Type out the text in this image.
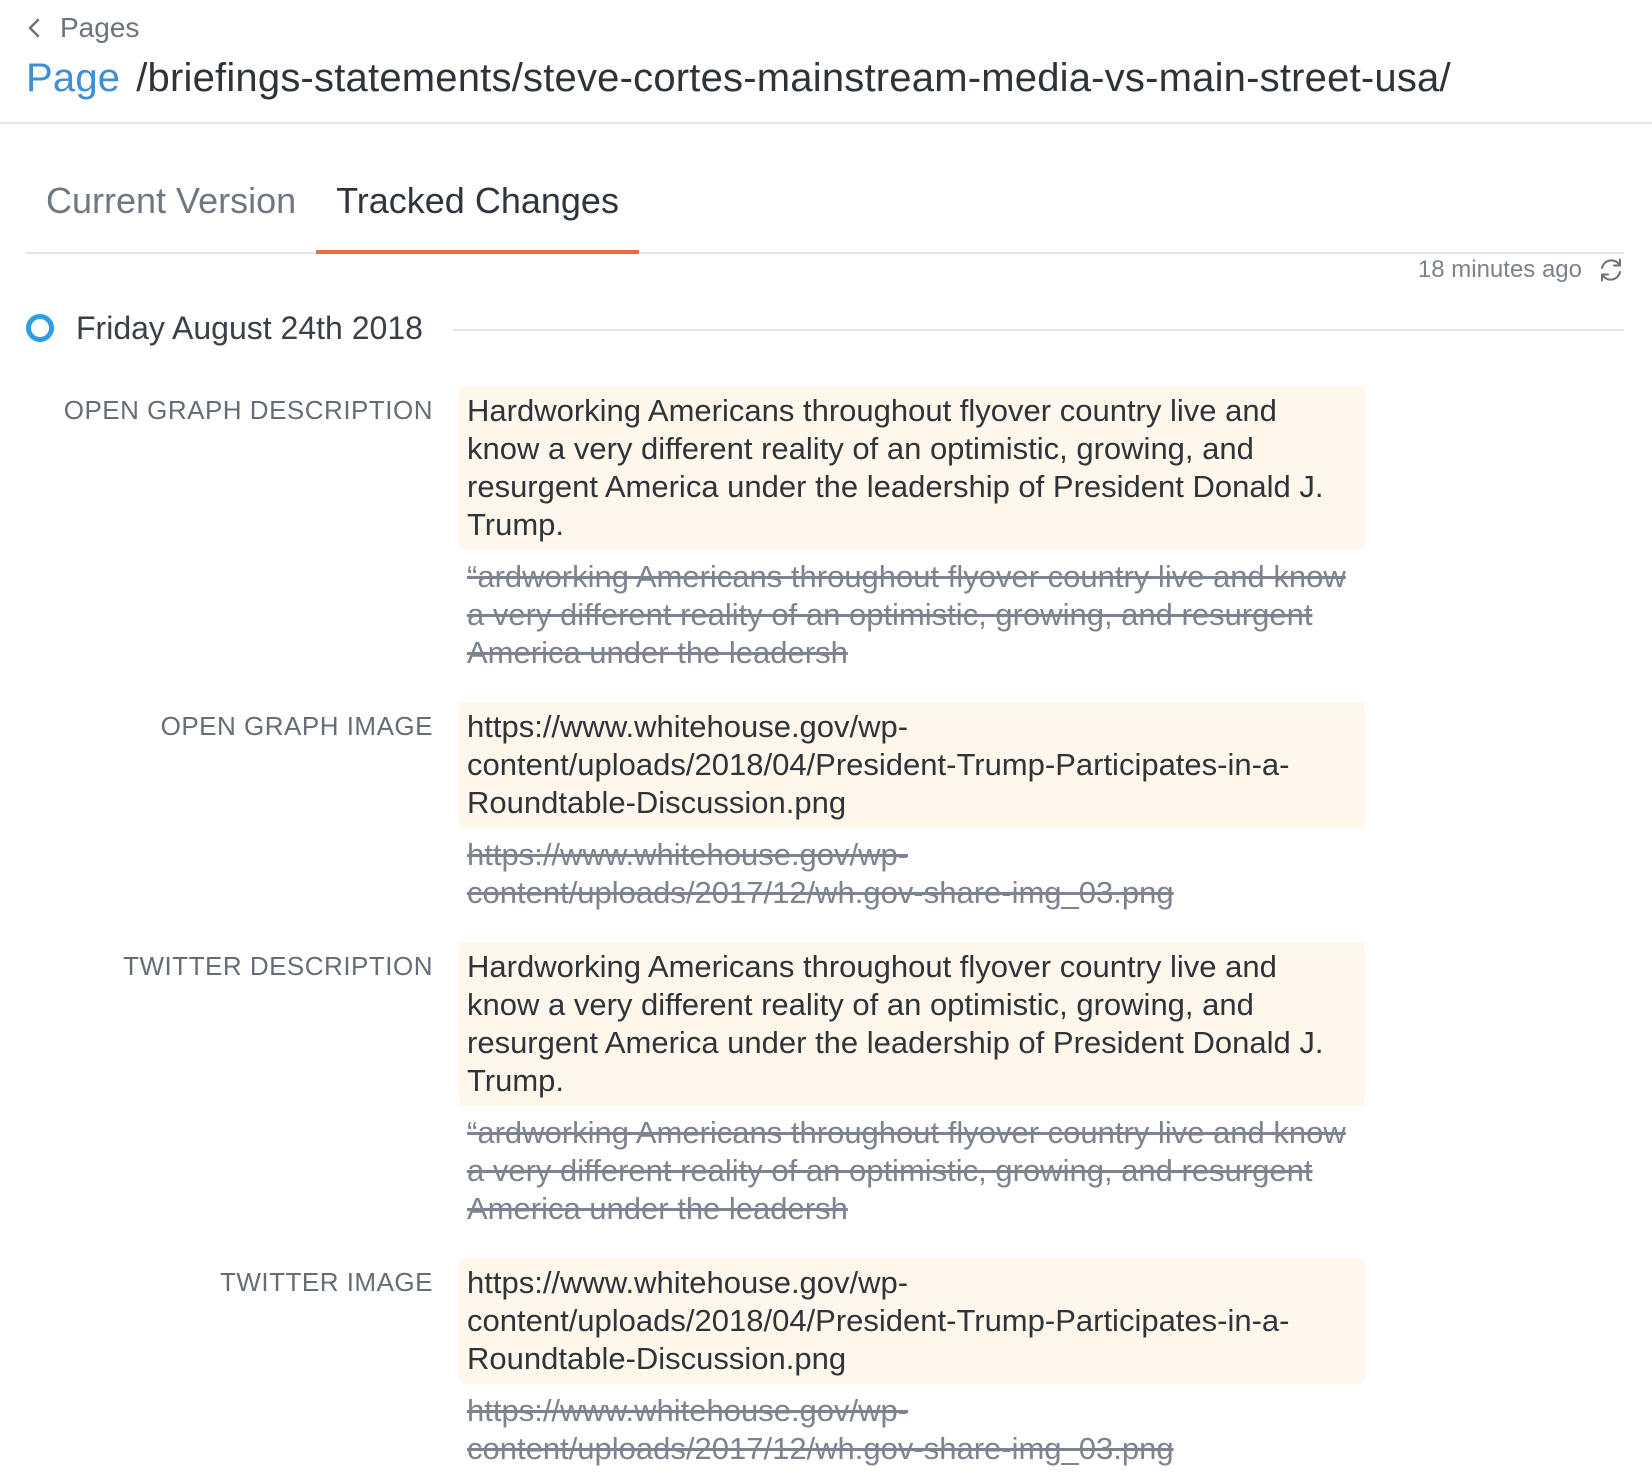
Pages
Page /briefings-statements/steve-cortes-mainstream-media-vs-main-street-usa/
Current Version	Tracked Changes
18 minutes ago
Friday August 24th 2018
OPEN GRAPH DESCRIPTION Hardworking Americans throughout flyover country live and know a very different reality of an optimistic, growing, and resurgent America under the leadership of President Donald J. Trump.
“ardworking Americans throughout flyover country live and know a very different reality of an optimistic, growing, and resurgent America under the leadersh
OPEN GRAPH IMAGE https://www.whitehouse.gov/wp-content/uploads/2018/04/President-Trump-Participates-in-a-Roundtable-Discussion.png
https://www.whitehouse.gov/wp-content/uploads/2017/12/wh.gov-share-img_03.png
TWITTER DESCRIPTION Hardworking Americans throughout flyover country live and know a very different reality of an optimistic, growing, and resurgent America under the leadership of President Donald J. Trump.
“ardworking Americans throughout flyover country live and know a very different reality of an optimistic, growing, and resurgent America under the leadersh
TWITTER IMAGE https://www.whitehouse.gov/wp-content/uploads/2018/04/President-Trump-Participates-in-a-Roundtable-Discussion.png
https://www.whitehouse.gov/wp-content/uploads/2017/12/wh.gov-share-img_03.png
